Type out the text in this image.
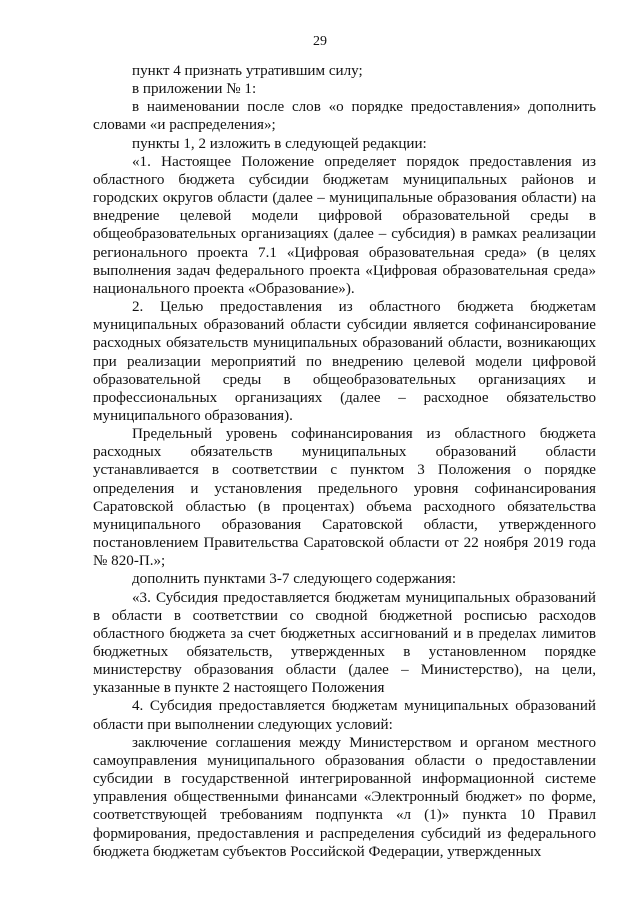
29

пункт 4 признать утратившим силу;

в приложении № 1:

в наименовании после слов «о порядке предоставления» дополнить словами «и распределения»;

пункты 1, 2 изложить в следующей редакции:

«1. Настоящее Положение определяет порядок предоставления из областного бюджета субсидии бюджетам муниципальных районов и городских округов области (далее – муниципальные образования области) на внедрение целевой модели цифровой образовательной среды в общеобразовательных организациях (далее – субсидия) в рамках реализации регионального проекта 7.1 «Цифровая образовательная среда» (в целях выполнения задач федерального проекта «Цифровая образовательная среда» национального проекта «Образование»).

2. Целью предоставления из областного бюджета бюджетам муниципальных образований области субсидии является софинансирование расходных обязательств муниципальных образований области, возникающих при реализации мероприятий по внедрению целевой модели цифровой образовательной среды в общеобразовательных организациях и профессиональных организациях (далее – расходное обязательство муниципального образования).

Предельный уровень софинансирования из областного бюджета расходных обязательств муниципальных образований области устанавливается в соответствии с пунктом 3 Положения о порядке определения и установления предельного уровня софинансирования Саратовской областью (в процентах) объема расходного обязательства муниципального образования Саратовской области, утвержденного постановлением Правительства Саратовской области от 22 ноября 2019 года № 820-П.»;

дополнить пунктами 3-7 следующего содержания:

«3. Субсидия предоставляется бюджетам муниципальных образований в области в соответствии со сводной бюджетной росписью расходов областного бюджета за счет бюджетных ассигнований и в пределах лимитов бюджетных обязательств, утвержденных в установленном порядке министерству образования области (далее – Министерство), на цели, указанные в пункте 2 настоящего Положения

4. Субсидия предоставляется бюджетам муниципальных образований области при выполнении следующих условий:

заключение соглашения между Министерством и органом местного самоуправления муниципального образования области о предоставлении субсидии в государственной интегрированной информационной системе управления общественными финансами «Электронный бюджет» по форме, соответствующей требованиям подпункта «л (1)» пункта 10 Правил формирования, предоставления и распределения субсидий из федерального бюджета бюджетам субъектов Российской Федерации, утвержденных
